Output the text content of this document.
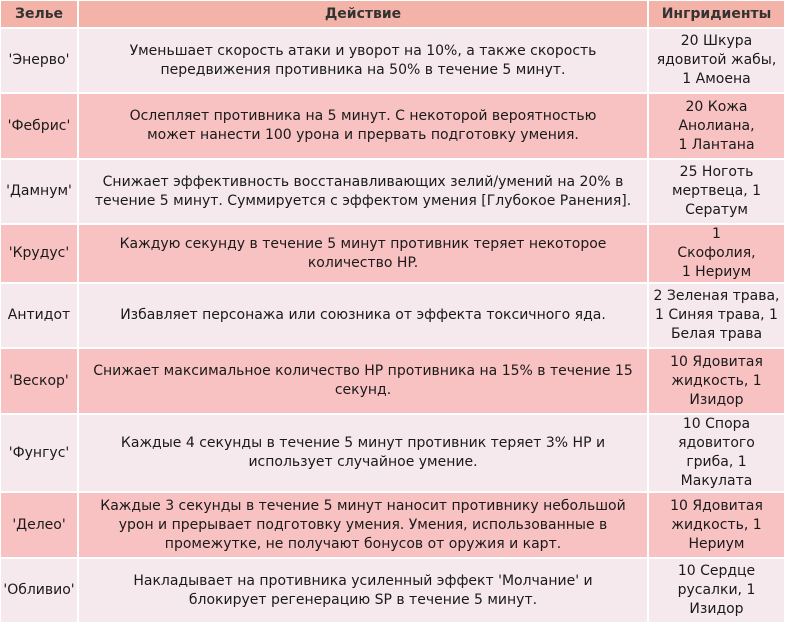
Зелье	Действие	Ингридиенты
'Энерво'	Уменьшает скорость атаки и уворот на 10%, а также скорость передвижения противника на 50% в течение 5 минут.	20 Шкура ядовитой жабы, 1 Амоена
'Фебрис'	Ослепляет противника на 5 минут. С некоторой вероятностью может нанести 100 урона и прервать подготовку умения.	20 Кожа Анолиана, 1 Лантана
'Дамнум'	Снижает эффективность восстанавливающих зелий/умений на 20% в течение 5 минут. Суммируется с эффектом умения [Глубокое Ранения].	25 Ноготь мертвеца, 1 Сератум
'Крудус'	Каждую секунду в течение 5 минут противник теряет некоторое количество HP.	1 Скофолия, 1 Нериум
Антидот	Избавляет персонажа или союзника от эффекта токсичного яда.	2 Зеленая трава, 1 Синяя трава, 1 Белая трава
'Вескор'	Снижает максимальное количество HP противника на 15% в течение 15 секунд.	10 Ядовитая жидкость, 1 Изидор
'Фунгус'	Каждые 4 секунды в течение 5 минут противник теряет 3% HP и использует случайное умение.	10 Спора ядовитого гриба, 1 Макулата
'Делео'	Каждые 3 секунды в течение 5 минут наносит противнику небольшой урон и прерывает подготовку умения. Умения, использованные в промежутке, не получают бонусов от оружия и карт.	10 Ядовитая жидкость, 1 Нериум
'Обливио'	Накладывает на противника усиленный эффект 'Молчание' и блокирует регенерацию SP в течение 5 минут.	10 Сердце русалки, 1 Изидор
